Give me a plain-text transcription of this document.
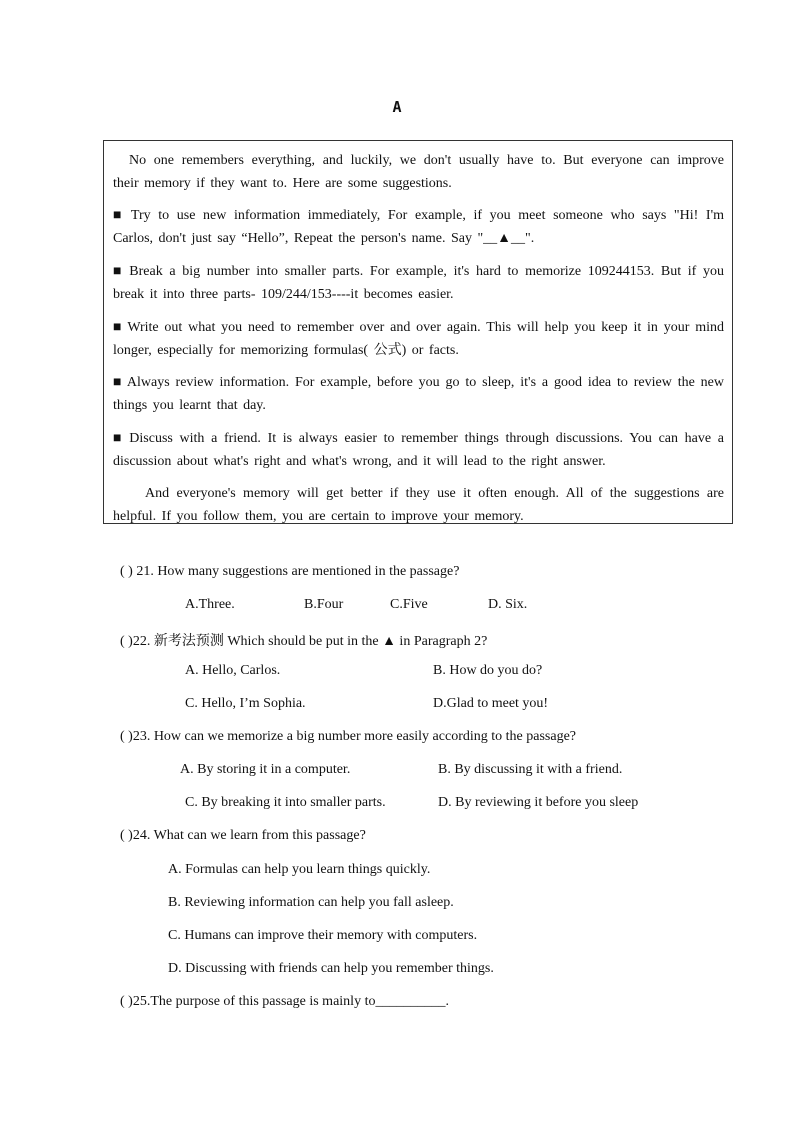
A
No one remembers everything, and luckily, we don't usually have to. But everyone can improve their memory if they want to. Here are some suggestions.
■ Try to use new information immediately, For example, if you meet someone who says "Hi! I'm Carlos, don't just say “Hello”, Repeat the person's name. Say "__▲__".
■ Break a big number into smaller parts. For example, it's hard to memorize 109244153. But if you break it into three parts- 109/244/153----it becomes easier.
■ Write out what you need to remember over and over again. This will help you keep it in your mind longer, especially for memorizing formulas( 公式) or facts.
■ Always review information. For example, before you go to sleep, it's a good idea to review the new things you learnt that day.
■ Discuss with a friend. It is always easier to remember things through discussions. You can have a discussion about what's right and what's wrong, and it will lead to the right answer.
And everyone's memory will get better if they use it often enough. All of the suggestions are helpful. If you follow them, you are certain to improve your memory.
( ) 21. How many suggestions are mentioned in the passage?
A.Three.	B.Four	C.Five	D. Six.
( )22. 新考法预测 Which should be put in the ▲ in Paragraph 2?
A. Hello, Carlos.	B. How do you do?
C. Hello, I’m Sophia.	D.Glad to meet you!
( )23. How can we memorize a big number more easily according to the passage?
A. By storing it in a computer.	B. By discussing it with a friend.
C. By breaking it into smaller parts.	D. By reviewing it before you sleep
( )24. What can we learn from this passage?
A. Formulas can help you learn things quickly.
B. Reviewing information can help you fall asleep.
C. Humans can improve their memory with computers.
D. Discussing with friends can help you remember things.
( )25.The purpose of this passage is mainly to__________.
